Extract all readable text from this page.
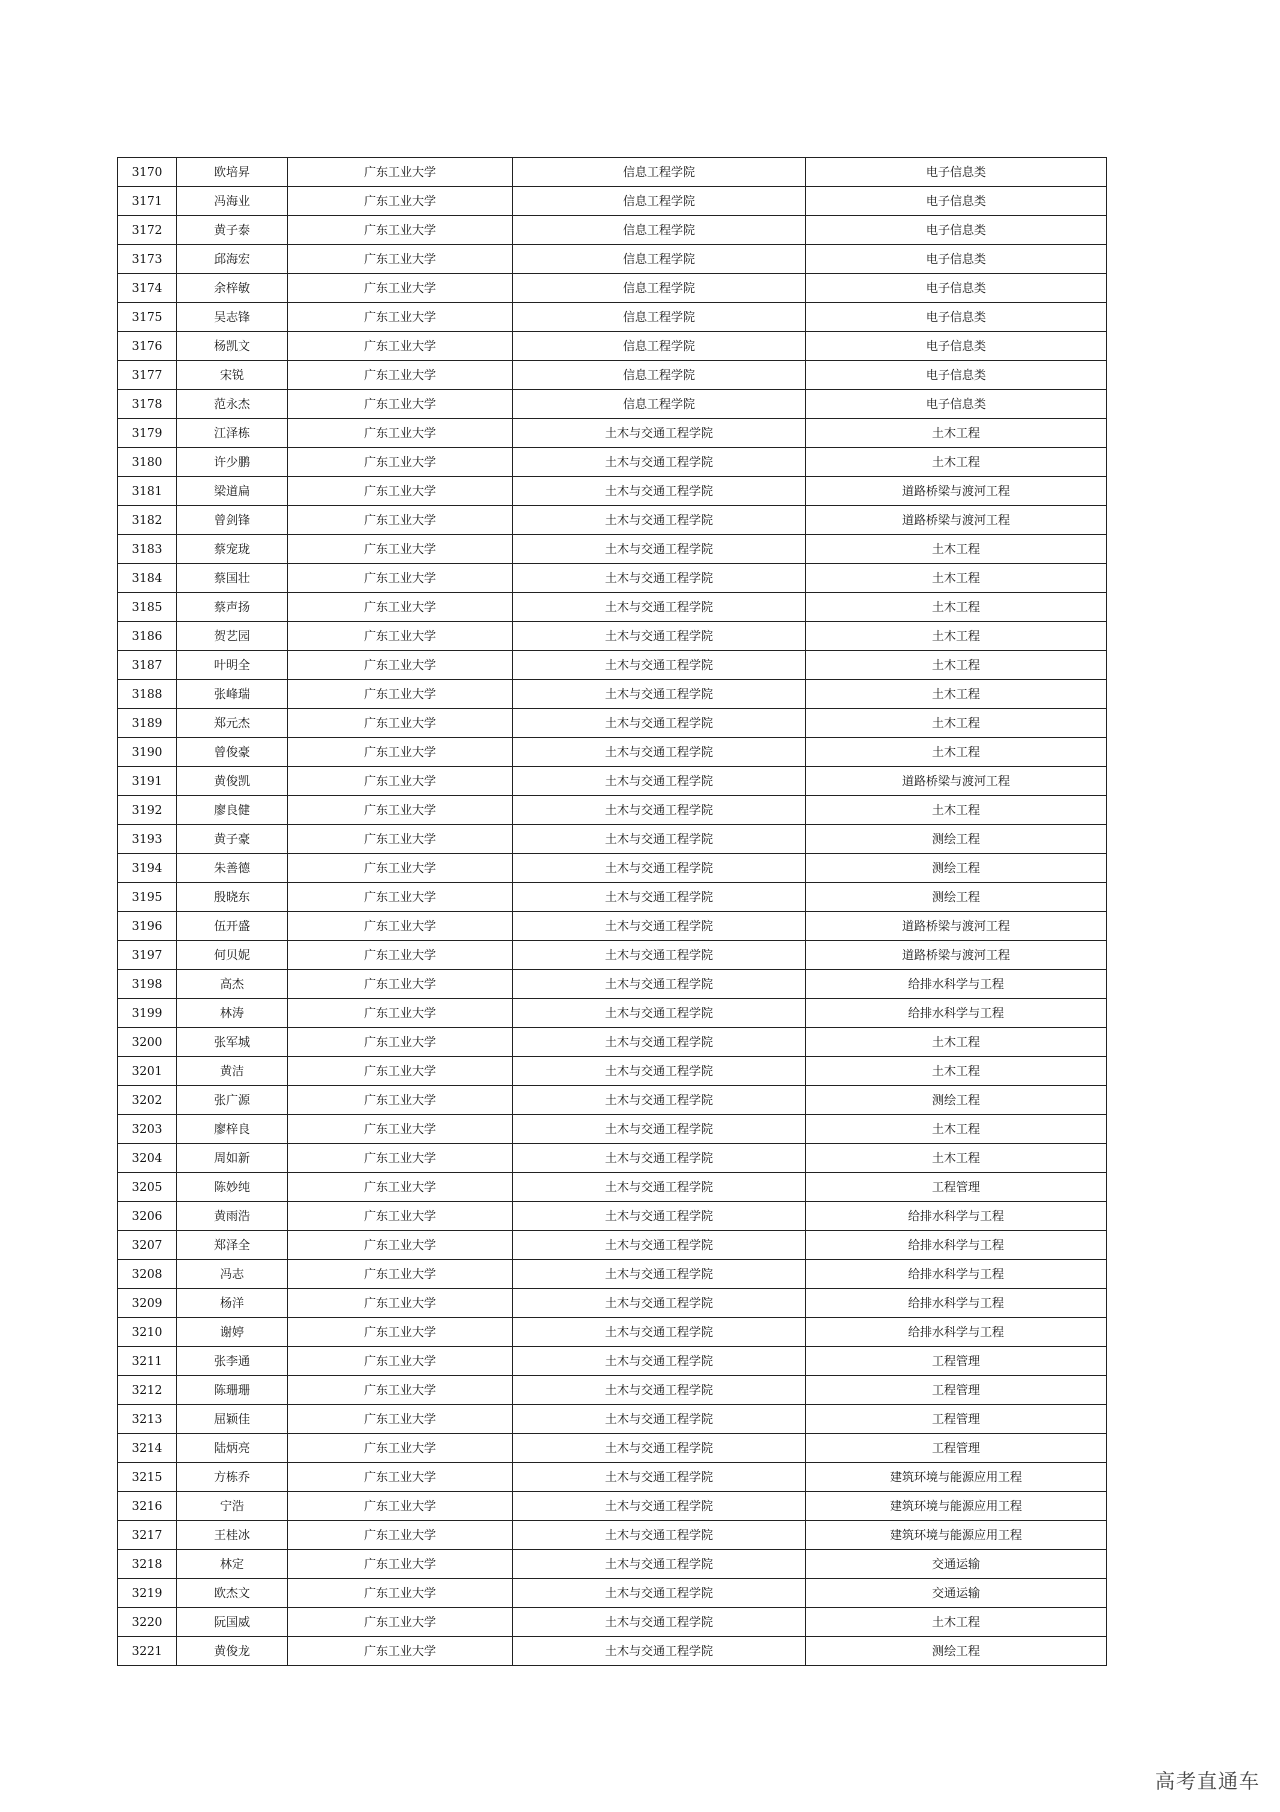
3170	欧培昇	广东工业大学	信息工程学院	电子信息类
3171	冯海业	广东工业大学	信息工程学院	电子信息类
3172	黄子泰	广东工业大学	信息工程学院	电子信息类
3173	邱海宏	广东工业大学	信息工程学院	电子信息类
3174	余梓敏	广东工业大学	信息工程学院	电子信息类
3175	吴志锋	广东工业大学	信息工程学院	电子信息类
3176	杨凯文	广东工业大学	信息工程学院	电子信息类
3177	宋锐	广东工业大学	信息工程学院	电子信息类
3178	范永杰	广东工业大学	信息工程学院	电子信息类
3179	江泽栋	广东工业大学	土木与交通工程学院	土木工程
3180	许少鹏	广东工业大学	土木与交通工程学院	土木工程
3181	梁道扁	广东工业大学	土木与交通工程学院	道路桥梁与渡河工程
3182	曾剑锋	广东工业大学	土木与交通工程学院	道路桥梁与渡河工程
3183	蔡宠珑	广东工业大学	土木与交通工程学院	土木工程
3184	蔡国壮	广东工业大学	土木与交通工程学院	土木工程
3185	蔡声扬	广东工业大学	土木与交通工程学院	土木工程
3186	贺艺园	广东工业大学	土木与交通工程学院	土木工程
3187	叶明全	广东工业大学	土木与交通工程学院	土木工程
3188	张峰瑞	广东工业大学	土木与交通工程学院	土木工程
3189	郑元杰	广东工业大学	土木与交通工程学院	土木工程
3190	曾俊豪	广东工业大学	土木与交通工程学院	土木工程
3191	黄俊凯	广东工业大学	土木与交通工程学院	道路桥梁与渡河工程
3192	廖良健	广东工业大学	土木与交通工程学院	土木工程
3193	黄子豪	广东工业大学	土木与交通工程学院	测绘工程
3194	朱善德	广东工业大学	土木与交通工程学院	测绘工程
3195	殷晓东	广东工业大学	土木与交通工程学院	测绘工程
3196	伍开盛	广东工业大学	土木与交通工程学院	道路桥梁与渡河工程
3197	何贝妮	广东工业大学	土木与交通工程学院	道路桥梁与渡河工程
3198	高杰	广东工业大学	土木与交通工程学院	给排水科学与工程
3199	林涛	广东工业大学	土木与交通工程学院	给排水科学与工程
3200	张军城	广东工业大学	土木与交通工程学院	土木工程
3201	黄洁	广东工业大学	土木与交通工程学院	土木工程
3202	张广源	广东工业大学	土木与交通工程学院	测绘工程
3203	廖梓良	广东工业大学	土木与交通工程学院	土木工程
3204	周如新	广东工业大学	土木与交通工程学院	土木工程
3205	陈妙纯	广东工业大学	土木与交通工程学院	工程管理
3206	黄雨浩	广东工业大学	土木与交通工程学院	给排水科学与工程
3207	郑泽全	广东工业大学	土木与交通工程学院	给排水科学与工程
3208	冯志	广东工业大学	土木与交通工程学院	给排水科学与工程
3209	杨洋	广东工业大学	土木与交通工程学院	给排水科学与工程
3210	谢婷	广东工业大学	土木与交通工程学院	给排水科学与工程
3211	张李通	广东工业大学	土木与交通工程学院	工程管理
3212	陈珊珊	广东工业大学	土木与交通工程学院	工程管理
3213	屈颖佳	广东工业大学	土木与交通工程学院	工程管理
3214	陆炳亮	广东工业大学	土木与交通工程学院	工程管理
3215	方栋乔	广东工业大学	土木与交通工程学院	建筑环境与能源应用工程
3216	宁浩	广东工业大学	土木与交通工程学院	建筑环境与能源应用工程
3217	王桂冰	广东工业大学	土木与交通工程学院	建筑环境与能源应用工程
3218	林定	广东工业大学	土木与交通工程学院	交通运输
3219	欧杰文	广东工业大学	土木与交通工程学院	交通运输
3220	阮国威	广东工业大学	土木与交通工程学院	土木工程
3221	黄俊龙	广东工业大学	土木与交通工程学院	测绘工程
高考直通车
